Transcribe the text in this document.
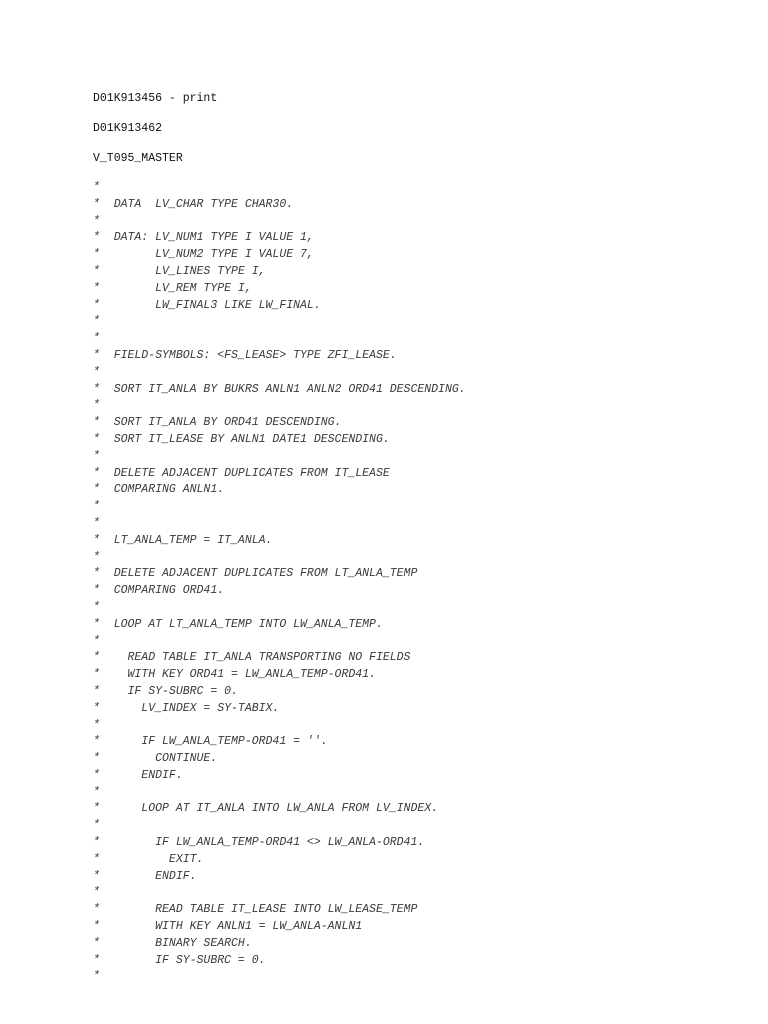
D01K913456 - print
D01K913462
V_T095_MASTER
*
*  DATA  LV_CHAR TYPE CHAR30.
*
*  DATA: LV_NUM1 TYPE I VALUE 1,
*        LV_NUM2 TYPE I VALUE 7,
*        LV_LINES TYPE I,
*        LV_REM TYPE I,
*        LW_FINAL3 LIKE LW_FINAL.
*
*
*  FIELD-SYMBOLS: <FS_LEASE> TYPE ZFI_LEASE.
*
*  SORT IT_ANLA BY BUKRS ANLN1 ANLN2 ORD41 DESCENDING.
*
*  SORT IT_ANLA BY ORD41 DESCENDING.
*  SORT IT_LEASE BY ANLN1 DATE1 DESCENDING.
*
*  DELETE ADJACENT DUPLICATES FROM IT_LEASE
*  COMPARING ANLN1.
*
*
*  LT_ANLA_TEMP = IT_ANLA.
*
*  DELETE ADJACENT DUPLICATES FROM LT_ANLA_TEMP
*  COMPARING ORD41.
*
*  LOOP AT LT_ANLA_TEMP INTO LW_ANLA_TEMP.
*
*    READ TABLE IT_ANLA TRANSPORTING NO FIELDS
*    WITH KEY ORD41 = LW_ANLA_TEMP-ORD41.
*    IF SY-SUBRC = 0.
*      LV_INDEX = SY-TABIX.
*
*      IF LW_ANLA_TEMP-ORD41 = ''.
*        CONTINUE.
*      ENDIF.
*
*      LOOP AT IT_ANLA INTO LW_ANLA FROM LV_INDEX.
*
*        IF LW_ANLA_TEMP-ORD41 <> LW_ANLA-ORD41.
*          EXIT.
*        ENDIF.
*
*        READ TABLE IT_LEASE INTO LW_LEASE_TEMP
*        WITH KEY ANLN1 = LW_ANLA-ANLN1
*        BINARY SEARCH.
*        IF SY-SUBRC = 0.
*
